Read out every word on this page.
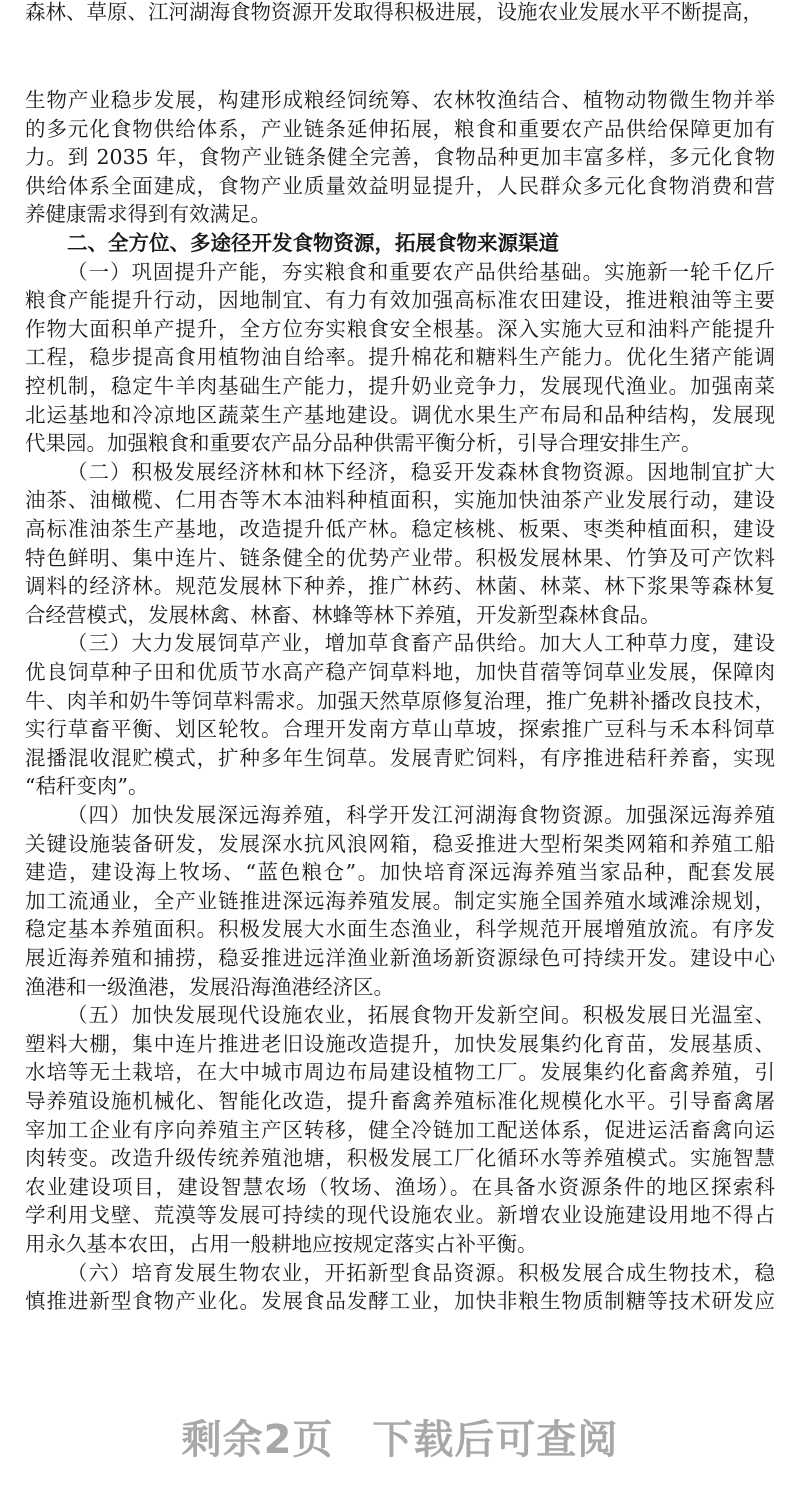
森林、草原、江河湖海食物资源开发取得积极进展，设施农业发展水平不断提高，
生物产业稳步发展，构建形成粮经饲统筹、农林牧渔结合、植物动物微生物并举
的多元化食物供给体系，产业链条延伸拓展，粮食和重要农产品供给保障更加有
力。到 2035 年，食物产业链条健全完善，食物品种更加丰富多样，多元化食物
供给体系全面建成，食物产业质量效益明显提升，人民群众多元化食物消费和营
养健康需求得到有效满足。
二、全方位、多途径开发食物资源，拓展食物来源渠道
（一）巩固提升产能，夯实粮食和重要农产品供给基础。实施新一轮千亿斤
粮食产能提升行动，因地制宜、有力有效加强高标准农田建设，推进粮油等主要
作物大面积单产提升，全方位夯实粮食安全根基。深入实施大豆和油料产能提升
工程，稳步提高食用植物油自给率。提升棉花和糖料生产能力。优化生猪产能调
控机制，稳定牛羊肉基础生产能力，提升奶业竞争力，发展现代渔业。加强南菜
北运基地和冷凉地区蔬菜生产基地建设。调优水果生产布局和品种结构，发展现
代果园。加强粮食和重要农产品分品种供需平衡分析，引导合理安排生产。
（二）积极发展经济林和林下经济，稳妥开发森林食物资源。因地制宜扩大
油茶、油橄榄、仁用杏等木本油料种植面积，实施加快油茶产业发展行动，建设
高标准油茶生产基地，改造提升低产林。稳定核桃、板栗、枣类种植面积，建设
特色鲜明、集中连片、链条健全的优势产业带。积极发展林果、竹笋及可产饮料
调料的经济林。规范发展林下种养，推广林药、林菌、林菜、林下浆果等森林复
合经营模式，发展林禽、林畜、林蜂等林下养殖，开发新型森林食品。
（三）大力发展饲草产业，增加草食畜产品供给。加大人工种草力度，建设
优良饲草种子田和优质节水高产稳产饲草料地，加快苜蓿等饲草业发展，保障肉
牛、肉羊和奶牛等饲草料需求。加强天然草原修复治理，推广免耕补播改良技术，
实行草畜平衡、划区轮牧。合理开发南方草山草坡，探索推广豆科与禾本科饲草
混播混收混贮模式，扩种多年生饲草。发展青贮饲料，有序推进秸秆养畜，实现
“秸秆变肉”。
（四）加快发展深远海养殖，科学开发江河湖海食物资源。加强深远海养殖
关键设施装备研发，发展深水抗风浪网箱，稳妥推进大型桁架类网箱和养殖工船
建造，建设海上牧场、“蓝色粮仓”。加快培育深远海养殖当家品种，配套发展
加工流通业，全产业链推进深远海养殖发展。制定实施全国养殖水域滩涂规划，
稳定基本养殖面积。积极发展大水面生态渔业，科学规范开展增殖放流。有序发
展近海养殖和捕捞，稳妥推进远洋渔业新渔场新资源绿色可持续开发。建设中心
渔港和一级渔港，发展沿海渔港经济区。
（五）加快发展现代设施农业，拓展食物开发新空间。积极发展日光温室、
塑料大棚，集中连片推进老旧设施改造提升，加快发展集约化育苗，发展基质、
水培等无土栽培，在大中城市周边布局建设植物工厂。发展集约化畜禽养殖，引
导养殖设施机械化、智能化改造，提升畜禽养殖标准化规模化水平。引导畜禽屠
宰加工企业有序向养殖主产区转移，健全冷链加工配送体系，促进运活畜禽向运
肉转变。改造升级传统养殖池塘，积极发展工厂化循环水等养殖模式。实施智慧
农业建设项目，建设智慧农场（牧场、渔场）。在具备水资源条件的地区探索科
学利用戈壁、荒漠等发展可持续的现代设施农业。新增农业设施建设用地不得占
用永久基本农田，占用一般耕地应按规定落实占补平衡。
（六）培育发展生物农业，开拓新型食品资源。积极发展合成生物技术，稳
慎推进新型食物产业化。发展食品发酵工业，加快非粮生物质制糖等技术研发应
剩余2页 下载后可查阅
